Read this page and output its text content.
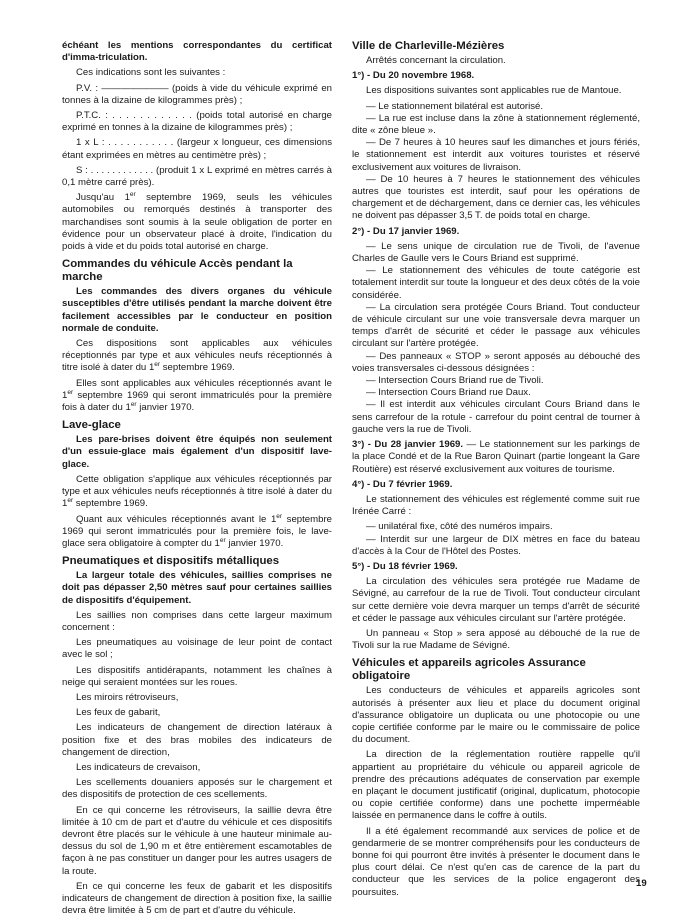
échéant les mentions correspondantes du certificat d'imma-triculation.

Ces indications sont les suivantes :

P.V. : ——————— (poids à vide du véhicule exprimé en tonnes à la dizaine de kilogrammes près) ;

P.T.C. : . . . . . . . . . . . . (poids total autorisé en charge exprimé en tonnes à la dizaine de kilogrammes près) ;

1 x L : . . . . . . . . . . . (largeur x longueur, ces dimensions étant exprimées en mètres au centimètre près) ;

S : . . . . . . . . . . . . (produit 1 x L exprimé en mètres carrés à 0,1 mètre carré près).

Jusqu'au 1er septembre 1969, seuls les véhicules automobiles ou remorqués destinés à transporter des marchandises sont soumis à la seule obligation de porter en évidence pour un observateur placé à droite, l'indication du poids à vide et du poids total autorisé en charge.

Commandes du véhicule Accès pendant la marche

Les commandes des divers organes du véhicule susceptibles d'être utilisés pendant la marche doivent être facilement accessibles par le conducteur en position normale de conduite.

Ces dispositions sont applicables aux véhicules réceptionnés par type et aux véhicules neufs réceptionnés à titre isolé à dater du 1er septembre 1969.

Elles sont applicables aux véhicules réceptionnés avant le 1er septembre 1969 qui seront immatriculés pour la première fois à dater du 1er janvier 1970.

Lave-glace

Les pare-brises doivent être équipés non seulement d'un essuie-glace mais également d'un dispositif lave-glace.

Cette obligation s'applique aux véhicules réceptionnés par type et aux véhicules neufs réceptionnés à titre isolé à dater du 1er septembre 1969.

Quant aux véhicules réceptionnés avant le 1er septembre 1969 qui seront immatriculés pour la première fois, le lave-glace sera obligatoire à compter du 1er janvier 1970.

Pneumatiques et dispositifs métalliques

La largeur totale des véhicules, saillies comprises ne doit pas dépasser 2,50 mètres sauf pour certaines saillies de dispositifs d'équipement.

Les saillies non comprises dans cette largeur maximum concernent :

Les pneumatiques au voisinage de leur point de contact avec le sol ;

Les dispositifs antidérapants, notamment les chaînes à neige qui seraient montées sur les roues.

Les miroirs rétroviseurs,

Les feux de gabarit,

Les indicateurs de changement de direction latéraux à position fixe et des bras mobiles des indicateurs de changement de direction,

Les indicateurs de crevaison,

Les scellements douaniers apposés sur le chargement et des dispositifs de protection de ces scellements.

En ce qui concerne les rétroviseurs, la saillie devra être limitée à 10 cm de part et d'autre du véhicule et ces dispositifs devront être placés sur le véhicule à une hauteur minimale au-dessus du sol de 1,90 m et être entièrement escamotables de façon à ne pas constituer un danger pour les autres usagers de la route.

En ce qui concerne les feux de gabarit et les dispositifs indicateurs de changement de direction à position fixe, la saillie devra être limitée à 5 cm de part et d'autre du véhicule.

Ville de Charleville-Mézières

Arrêtés concernant la circulation.

1°) - Du 20 novembre 1968.

Les dispositions suivantes sont applicables rue de Mantoue.

— Le stationnement bilatéral est autorisé.
— La rue est incluse dans la zône à stationnement réglementé, dite « zône bleue ».
— De 7 heures à 10 heures sauf les dimanches et jours fériés, le stationnement est interdit aux voitures touristes et réservé exclusivement aux voitures de livraison.
— De 10 heures à 7 heures le stationnement des véhicules autres que touristes est interdit, sauf pour les opérations de chargement et de déchargement, dans ce dernier cas, les véhicules ne doivent pas dépasser 3,5 T. de poids total en charge.

2°) - Du 17 janvier 1969.

— Le sens unique de circulation rue de Tivoli, de l'avenue Charles de Gaulle vers le Cours Briand est supprimé.
— Le stationnement des véhicules de toute catégorie est totalement interdit sur toute la longueur et des deux côtés de la voie considérée.
— La circulation sera protégée Cours Briand. Tout conducteur de véhicule circulant sur une voie transversale devra marquer un temps d'arrêt de sécurité et céder le passage aux véhicules circulant sur l'artère protégée.
— Des panneaux « STOP » seront apposés au débouché des voies transversales ci-dessous désignées :
— Intersection Cours Briand rue de Tivoli.
— Intersection Cours Briand rue Daux.
— Il est interdit aux véhicules circulant Cours Briand dans le sens carrefour de la rotule - carrefour du point central de tourner à gauche vers la rue de Tivoli.

3°) - Du 28 janvier 1969. — Le stationnement sur les parkings de la place Condé et de la Rue Baron Quinart (partie longeant la Gare Routière) est réservé exclusivement aux voitures de tourisme.

4°) - Du 7 février 1969.

Le stationnement des véhicules est réglementé comme suit rue Irénée Carré :

— unilatéral fixe, côté des numéros impairs.
— Interdit sur une largeur de DIX mètres en face du bateau d'accès à la Cour de l'Hôtel des Postes.

5°) - Du 18 février 1969.

La circulation des véhicules sera protégée rue Madame de Sévigné, au carrefour de la rue de Tivoli. Tout conducteur circulant sur cette dernière voie devra marquer un temps d'arrêt de sécurité et céder le passage aux véhicules circulant sur l'artère protégée.

Un panneau « Stop » sera apposé au débouché de la rue de Tivoli sur la rue Madame de Sévigné.

Véhicules et appareils agricoles Assurance obligatoire

Les conducteurs de véhicules et appareils agricoles sont autorisés à présenter aux lieu et place du document original d'assurance obligatoire un duplicata ou une photocopie ou une copie certifiée conforme par le maire ou le commissaire de police du document.

La direction de la réglementation routière rappelle qu'il appartient au propriétaire du véhicule ou appareil agricole de prendre des précautions adéquates de conservation par exemple en plaçant le document justificatif (original, duplicatum, photocopie ou copie certifiée conforme) dans une pochette imperméable laissée en permanence dans le coffre à outils.

Il a été également recommandé aux services de police et de gendarmerie de se montrer compréhensifs pour les conducteurs de bonne foi qui pourront être invités à présenter le document dans le plus court délai. Ce n'est qu'en cas de carence de la part du conducteur que les services de la police engageront des poursuites.

19
